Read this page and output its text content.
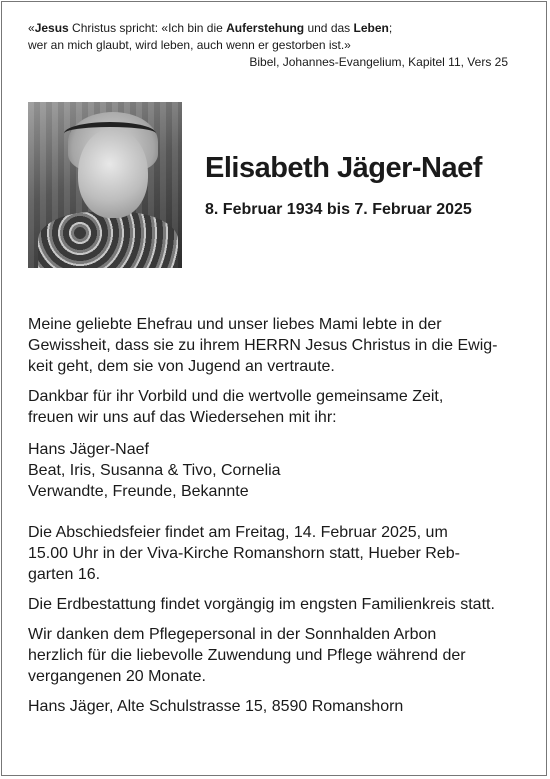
«Jesus Christus spricht: «Ich bin die Auferstehung und das Leben;
wer an mich glaubt, wird leben, auch wenn er gestorben ist.»
Bibel, Johannes-Evangelium, Kapitel 11, Vers 25
Elisabeth Jäger-Naef
8. Februar 1934 bis 7. Februar 2025

Meine geliebte Ehefrau und unser liebes Mami lebte in der

Gewissheit, dass sie zu ihrem HERRN Jesus Christus in die Ewig-

keit geht, dem sie von Jugend an vertraute.

Dankbar für ihr Vorbild und die wertvolle gemeinsame Zeit,

freuen wir uns auf das Wiedersehen mit ihr:

Hans Jäger-Naef

Beat, Iris, Susanna & Tivo, Cornelia

Verwandte, Freunde, Bekannte

Die Abschiedsfeier findet am Freitag, 14. Februar 2025, um

15.00 Uhr in der Viva-Kirche Romanshorn statt, Hueber Reb-

garten 16.

Die Erdbestattung findet vorgängig im engsten Familienkreis statt.

Wir danken dem Pflegepersonal in der Sonnhalden Arbon

herzlich für die liebevolle Zuwendung und Pflege während der

vergangenen 20 Monate.

Hans Jäger, Alte Schulstrasse 15, 8590 Romanshorn
